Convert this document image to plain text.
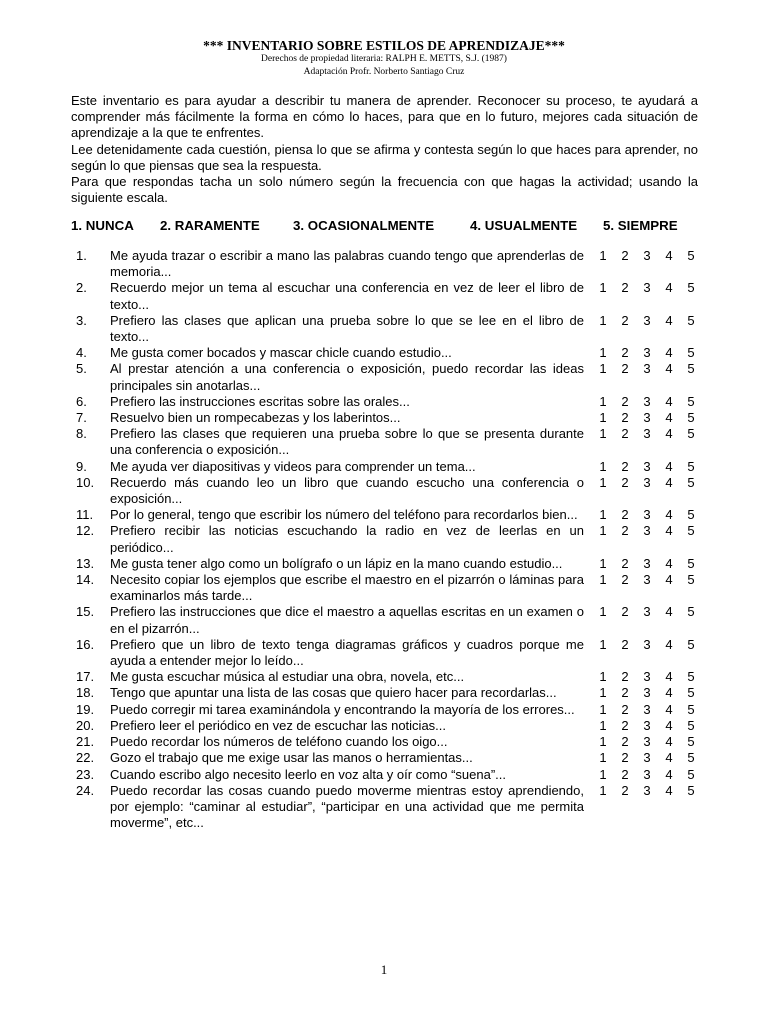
*** INVENTARIO SOBRE ESTILOS DE APRENDIZAJE***
Derechos de propiedad literaria: RALPH E. METTS, S.J. (1987)
Adaptación Profr. Norberto Santiago Cruz

Este inventario es para ayudar a describir tu manera de aprender. Reconocer su proceso, te ayudará a comprender más fácilmente la forma en cómo lo haces, para que en lo futuro, mejores cada situación de aprendizaje a la que te enfrentes.

Lee detenidamente cada cuestión, piensa lo que se afirma y contesta según lo que haces para aprender, no según lo que piensas que sea la respuesta.

Para que respondas tacha un solo número según la frecuencia con que hagas la actividad; usando la siguiente escala.

1. NUNCA 2. RARAMENTE	3. OCASIONALMENTE	4. USUALMENTE 5. SIEMPRE
1. Me ayuda trazar o escribir a mano las palabras cuando tengo que aprenderlas de memoria...
1 2 3 4 5
2. Recuerdo mejor un tema al escuchar una conferencia en vez de leer el libro de texto...
1 2 3 4 5
3. Prefiero las clases que aplican una prueba sobre lo que se lee en el libro de texto...
1 2 3 4 5
4. Me gusta comer bocados y mascar chicle cuando estudio...	1 2 3 4 5
5. Al prestar atención a una conferencia o exposición, puedo recordar las ideas principales sin anotarlas...
1 2 3 4 5
6. Prefiero las instrucciones escritas sobre las orales...	1 2 3 4 5
7. Resuelvo bien un rompecabezas y los laberintos...	1 2 3 4 5
8. Prefiero las clases que requieren una prueba sobre lo que se presenta durante una conferencia o exposición...
1 2 3 4 5
9. Me ayuda ver diapositivas y videos para comprender un tema...	1 2 3 4 5
10. Recuerdo más cuando leo un libro que cuando escucho una conferencia o exposición...
1 2 3 4 5
11. Por lo general, tengo que escribir los número del teléfono para recordarlos bien...	1 2 3 4 5
12. Prefiero recibir las noticias escuchando la radio en vez de leerlas en un periódico...
1 2 3 4 5
13. Me gusta tener algo como un bolígrafo o un lápiz en la mano cuando estudio...	1 2 3 4 5
14. Necesito copiar los ejemplos que escribe el maestro en el pizarrón o láminas para examinarlos más tarde...
1 2 3 4 5
15. Prefiero las instrucciones que dice el maestro a aquellas escritas en un examen o en el pizarrón...
1 2 3 4 5
16. Prefiero que un libro de texto tenga diagramas gráficos y cuadros porque me ayuda a entender mejor lo leído...
1 2 3 4 5
17. Me gusta escuchar música al estudiar una obra, novela, etc...	1 2 3 4 5
18. Tengo que apuntar una lista de las cosas que quiero hacer para recordarlas...	1 2 3 4 5
19. Puedo corregir mi tarea examinándola y encontrando la mayoría de los errores...	1 2 3 4 5
20. Prefiero leer el periódico en vez de escuchar las noticias...	1 2 3 4 5
21. Puedo recordar los números de teléfono cuando los oigo...	1 2 3 4 5
22. Gozo el trabajo que me exige usar las manos o herramientas...	1 2 3 4 5
23. Cuando escribo algo necesito leerlo en voz alta y oír como “suena”...	1 2 3 4 5
24. Puedo recordar las cosas cuando puedo moverme mientras estoy aprendiendo, por ejemplo: “caminar al estudiar”, “participar en una actividad que me permita moverme”, etc...
1 2 3 4 5
1
